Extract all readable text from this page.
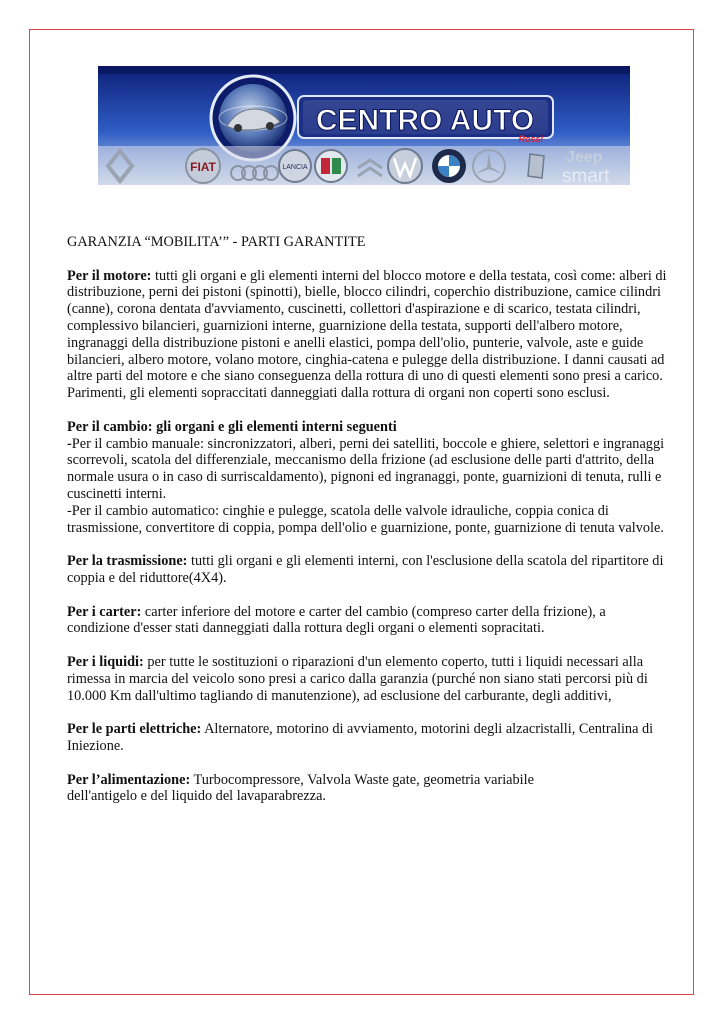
CENTRO AUTO
Rossi
FIAT	LANCIA
Jeep
smart

GARANZIA “MOBILITA’” - PARTI GARANTITE

Per il motore: tutti gli organi e gli elementi interni del blocco motore e della testata, così come: alberi di distribuzione, perni dei pistoni (spinotti), bielle, blocco cilindri, coperchio distribuzione, camice cilindri (canne), corona dentata d'avviamento, cuscinetti, collettori d'aspirazione e di scarico, testata cilindri, complessivo bilancieri, guarnizioni interne, guarnizione della testata, supporti dell'albero motore, ingranaggi della distribuzione pistoni e anelli elastici, pompa dell'olio, punterie, valvole, aste e guide bilancieri, albero motore, volano motore, cinghia-catena e pulegge della distribuzione. I danni causati ad altre parti del motore e che siano conseguenza della rottura di uno di questi elementi sono presi a carico. Parimenti, gli elementi sopraccitati danneggiati dalla rottura di organi non coperti sono esclusi.

Per il cambio: gli organi e gli elementi interni seguenti
-Per il cambio manuale: sincronizzatori, alberi, perni dei satelliti, boccole e ghiere, selettori e ingranaggi scorrevoli, scatola del differenziale, meccanismo della frizione (ad esclusione delle parti d'attrito, della normale usura o in caso di surriscaldamento), pignoni ed ingranaggi, ponte, guarnizioni di tenuta, rulli e cuscinetti interni.
-Per il cambio automatico: cinghie e pulegge, scatola delle valvole idrauliche, coppia conica di trasmissione, convertitore di coppia, pompa dell'olio e guarnizione, ponte, guarnizione di tenuta valvole.

Per la trasmissione: tutti gli organi e gli elementi interni, con l'esclusione della scatola del ripartitore di coppia e del riduttore(4X4).

Per i carter: carter inferiore del motore e carter del cambio (compreso carter della frizione), a condizione d'esser stati danneggiati dalla rottura degli organi o elementi sopracitati.

Per i liquidi: per tutte le sostituzioni o riparazioni d'un elemento coperto, tutti i liquidi necessari alla rimessa in marcia del veicolo sono presi a carico dalla garanzia (purché non siano stati percorsi più di 10.000 Km dall'ultimo tagliando di manutenzione), ad esclusione del carburante, degli additivi,

Per le parti elettriche: Alternatore, motorino di avviamento, motorini degli alzacristalli, Centralina di Iniezione.

Per l’alimentazione: Turbocompressore, Valvola Waste gate, geometria variabile
dell'antigelo e del liquido del lavaparabrezza.
